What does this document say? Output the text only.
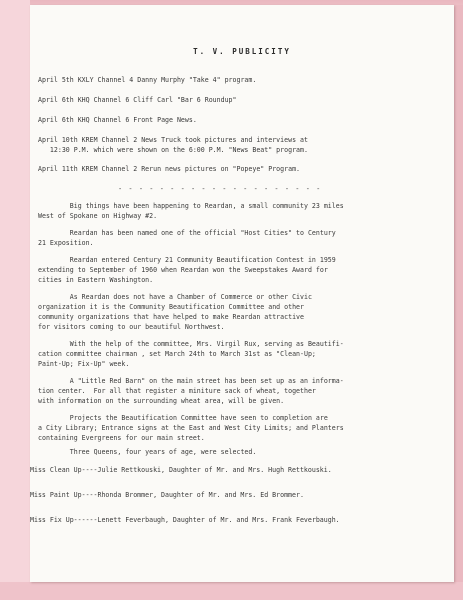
T. V. PUBLICITY
April 5th KXLY Channel 4 Danny Murphy "Take 4" program.
April 6th KHQ Channel 6 Cliff Carl "Bar 6 Roundup"
April 6th KHQ Channel 6 Front Page News.
April 10th KREM Channel 2 News Truck took pictures and interviews at
12:30 P.M. which were shown on the 6:00 P.M. "News Beat" program.
April 11th KREM Channel 2 Rerun news pictures on "Popeye" Program.
- - - - - - - - - - - - - - - - - - - -
Big things have been happening to Reardan, a small community 23 miles
West of Spokane on Highway #2.
Reardan has been named one of the official "Host Cities" to Century
21 Exposition.
Reardan entered Century 21 Community Beautification Contest in 1959
extending to September of 1960 when Reardan won the Sweepstakes Award for
cities in Eastern Washington.
As Reardan does not have a Chamber of Commerce or other Civic
organization it is the Community Beautification Committee and other
community organizations that have helped to make Reardan attractive
for visitors coming to our beautiful Northwest.
With the help of the committee, Mrs. Virgil Rux, serving as Beautifi-
cation committee chairman , set March 24th to March 31st as "Clean-Up;
Paint-Up; Fix-Up" week.
A "Little Red Barn" on the main street has been set up as an informa-
tion center.  For all that register a miniture sack of wheat, together
with information on the surrounding wheat area, will be given.
Projects the Beautification Committee have seen to completion are
a City Library; Entrance signs at the East and West City Limits; and Planters
containing Evergreens for our main street.
Three Queens, four years of age, were selected.
Miss Clean Up----Julie Rettkouski, Daughter of Mr. and Mrs. Hugh Rettkouski.
Miss Paint Up----Rhonda Brommer, Daughter of Mr. and Mrs. Ed Brommer.
Miss Fix Up------Lenett Feverbaugh, Daughter of Mr. and Mrs. Frank Feverbaugh.
